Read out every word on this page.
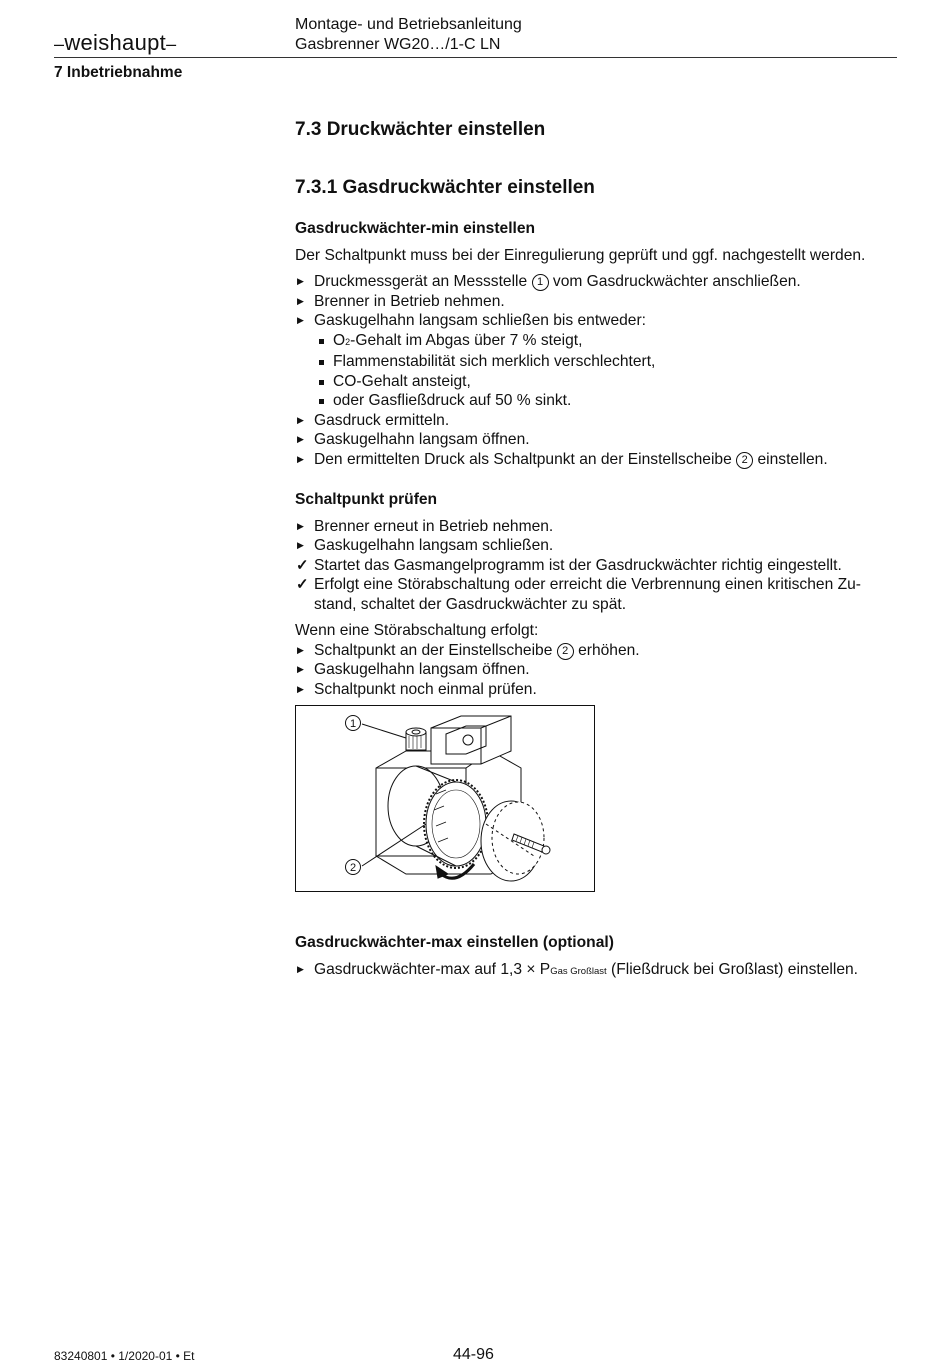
–weishaupt–
Montage- und Betriebsanleitung
Gasbrenner WG20…/1-C LN
7 Inbetriebnahme
7.3 Druckwächter einstellen
7.3.1 Gasdruckwächter einstellen
Gasdruckwächter-min einstellen

Der Schaltpunkt muss bei der Einregulierung geprüft und ggf. nachgestellt werden.

▶ Druckmessgerät an Messstelle 1 vom Gasdruckwächter anschließen.
▶ Brenner in Betrieb nehmen.
▶ Gaskugelhahn langsam schließen bis entweder:
O2-Gehalt im Abgas über 7 % steigt,
Flammenstabilität sich merklich verschlechtert,
CO-Gehalt ansteigt,
oder Gasfließdruck auf 50 % sinkt.
▶ Gasdruck ermitteln.
▶ Gaskugelhahn langsam öffnen.
▶ Den ermittelten Druck als Schaltpunkt an der Einstellscheibe 2 einstellen.
Schaltpunkt prüfen
▶ Brenner erneut in Betrieb nehmen.
▶ Gaskugelhahn langsam schließen.
✓ Startet das Gasmangelprogramm ist der Gasdruckwächter richtig eingestellt.
✓ Erfolgt eine Störabschaltung oder erreicht die Verbrennung einen kritischen Zu-
stand, schaltet der Gasdruckwächter zu spät.

Wenn eine Störabschaltung erfolgt:

▶ Schaltpunkt an der Einstellscheibe 2 erhöhen.
▶ Gaskugelhahn langsam öffnen.
▶ Schaltpunkt noch einmal prüfen.
Gasdruckwächter-max einstellen (optional)
▶ Gasdruckwächter-max auf 1,3 × PGas Großlast (Fließdruck bei Großlast) einstellen.
1
2
83240801 • 1/2020-01 • Et	44-96
